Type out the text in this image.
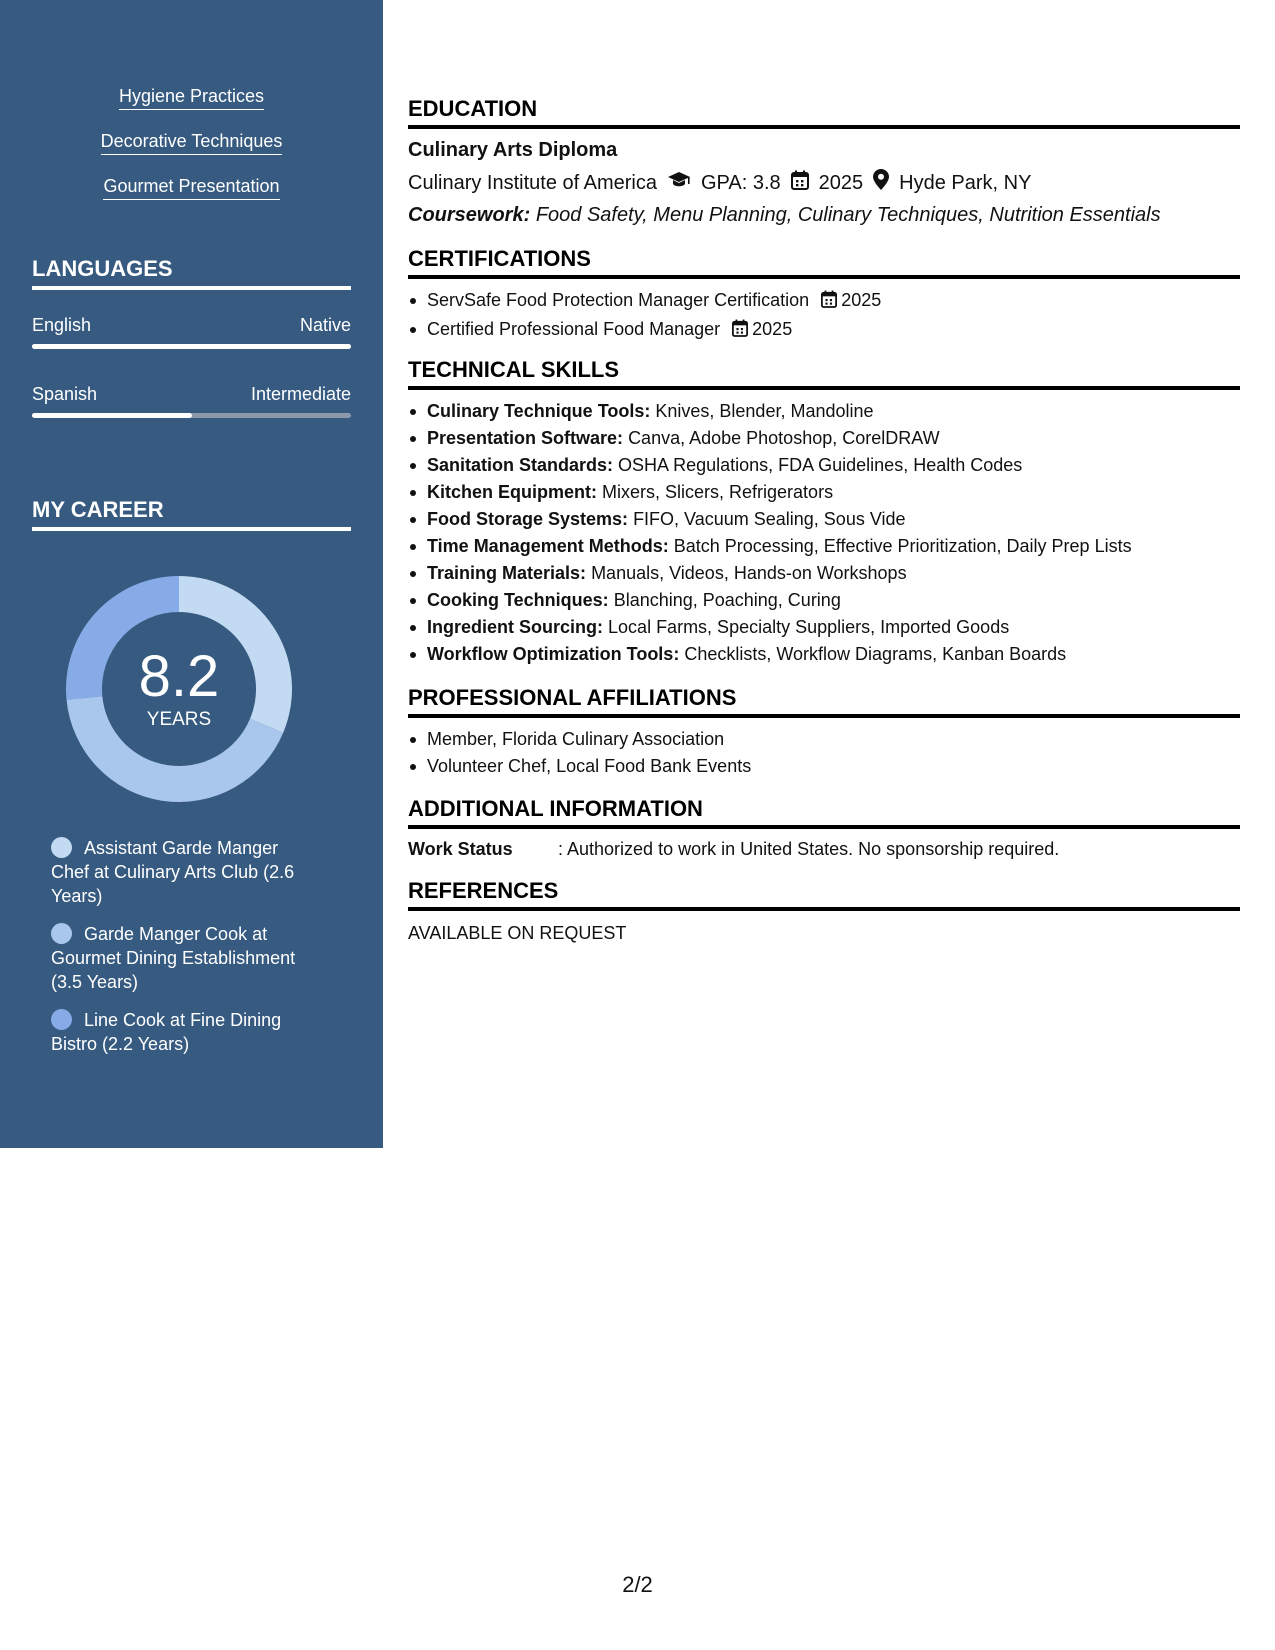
Hygiene Practices
Decorative Techniques
Gourmet Presentation
LANGUAGES
English	Native
Spanish	Intermediate
MY CAREER
8.2
YEARS
Assistant Garde Manger Chef at Culinary Arts Club (2.6 Years)
Garde Manger Cook at Gourmet Dining Establishment (3.5 Years)
Line Cook at Fine Dining Bistro (2.2 Years)
EDUCATION
Culinary Arts Diploma
Culinary Institute of America GPA: 3.8 2025 Hyde Park, NY
Coursework: Food Safety, Menu Planning, Culinary Techniques, Nutrition Essentials
CERTIFICATIONS
ServSafe Food Protection Manager Certification 2025
Certified Professional Food Manager 2025
TECHNICAL SKILLS
Culinary Technique Tools: Knives, Blender, Mandoline
Presentation Software: Canva, Adobe Photoshop, CorelDRAW
Sanitation Standards: OSHA Regulations, FDA Guidelines, Health Codes
Kitchen Equipment: Mixers, Slicers, Refrigerators
Food Storage Systems: FIFO, Vacuum Sealing, Sous Vide
Time Management Methods: Batch Processing, Effective Prioritization, Daily Prep Lists
Training Materials: Manuals, Videos, Hands-on Workshops
Cooking Techniques: Blanching, Poaching, Curing
Ingredient Sourcing: Local Farms, Specialty Suppliers, Imported Goods
Workflow Optimization Tools: Checklists, Workflow Diagrams, Kanban Boards
PROFESSIONAL AFFILIATIONS
Member, Florida Culinary Association
Volunteer Chef, Local Food Bank Events
ADDITIONAL INFORMATION
Work Status	: Authorized to work in United States. No sponsorship required.
REFERENCES
AVAILABLE ON REQUEST
2/2
